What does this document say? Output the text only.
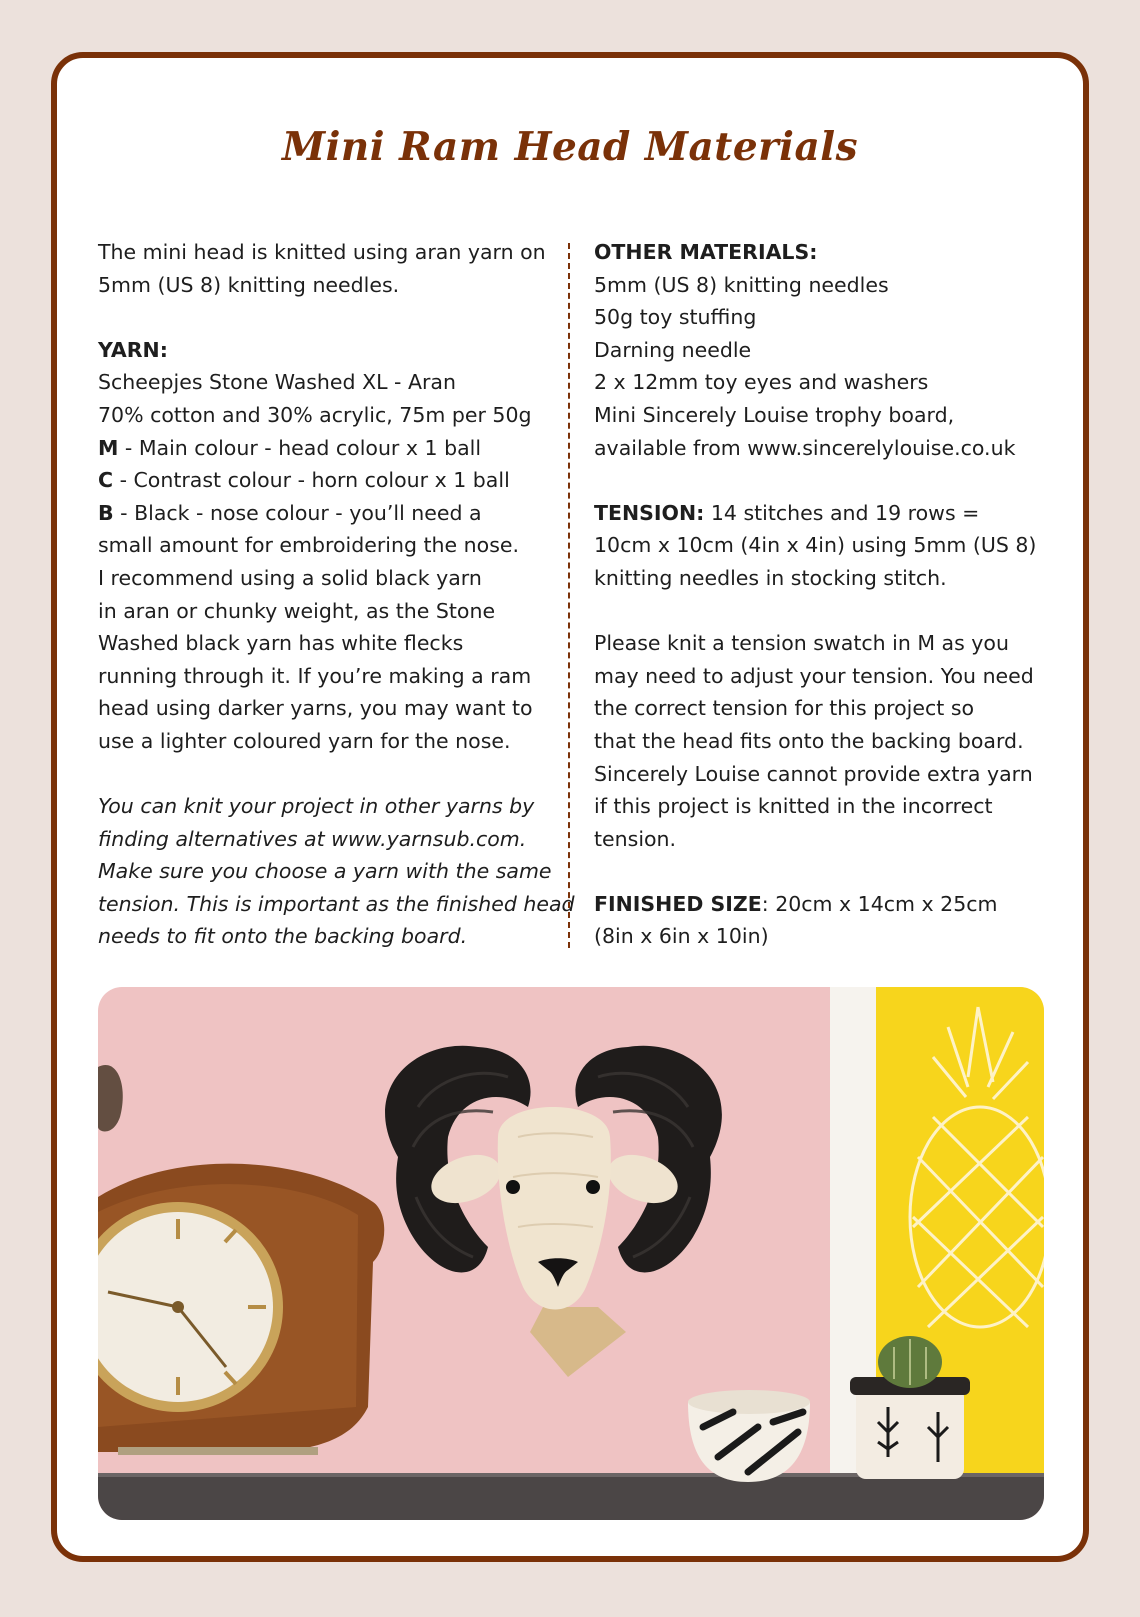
Mini Ram Head Materials

The mini head is knitted using aran yarn on

5mm (US 8) knitting needles.

YARN:

Scheepjes Stone Washed XL - Aran

70% cotton and 30% acrylic, 75m per 50g

M - Main colour - head colour x 1 ball

C - Contrast colour - horn colour x 1 ball

B - Black - nose colour - you’ll need a

small amount for embroidering the nose.

I recommend using a solid black yarn

in aran or chunky weight, as the Stone

Washed black yarn has white flecks

running through it. If you’re making a ram

head using darker yarns, you may want to

use a lighter coloured yarn for the nose.

You can knit your project in other yarns by

finding alternatives at www.yarnsub.com.

Make sure you choose a yarn with the same

tension. This is important as the finished head

needs to fit onto the backing board.

OTHER MATERIALS:

5mm (US 8) knitting needles

50g toy stuffing

Darning needle

2 x 12mm toy eyes and washers

Mini Sincerely Louise trophy board,

available from www.sincerelylouise.co.uk

TENSION: 14 stitches and 19 rows =

10cm x 10cm (4in x 4in) using 5mm (US 8)

knitting needles in stocking stitch.

Please knit a tension swatch in M as you

may need to adjust your tension. You need

the correct tension for this project so

that the head fits onto the backing board.

Sincerely Louise cannot provide extra yarn

if this project is knitted in the incorrect

tension.

FINISHED SIZE: 20cm x 14cm x 25cm

(8in x 6in x 10in)
